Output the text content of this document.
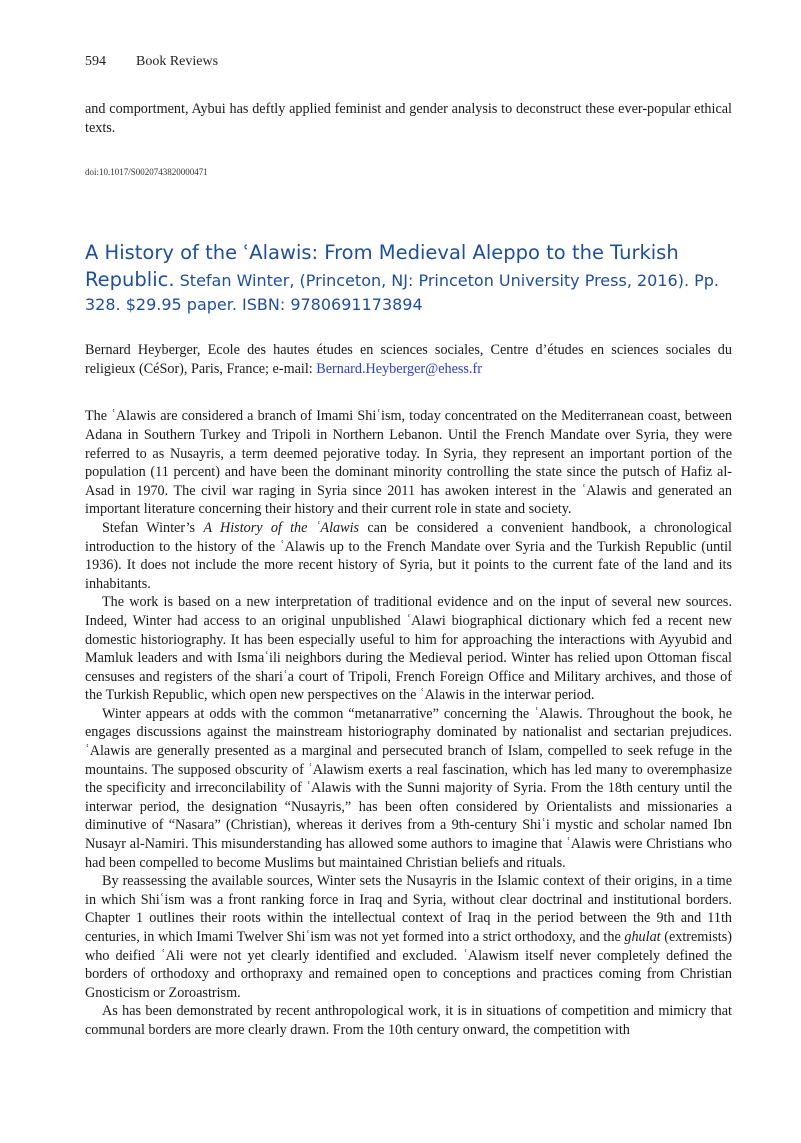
594 Book Reviews

and comportment, Aybui has deftly applied feminist and gender analysis to deconstruct these ever-popular ethical texts.

doi:10.1017/S0020743820000471
A History of the ʿAlawis: From Medieval Aleppo to the Turkish Republic. Stefan Winter, (Princeton, NJ: Princeton University Press, 2016). Pp. 328. $29.95 paper. ISBN: 9780691173894

Bernard Heyberger, Ecole des hautes études en sciences sociales, Centre d’études en sciences sociales du religieux (CéSor), Paris, France; e-mail: Bernard.Heyberger@ehess.fr

The ʿAlawis are considered a branch of Imami Shiʿism, today concentrated on the Mediterranean coast, between Adana in Southern Turkey and Tripoli in Northern Lebanon. Until the French Mandate over Syria, they were referred to as Nusayris, a term deemed pejorative today. In Syria, they represent an important portion of the population (11 percent) and have been the dominant minority controlling the state since the putsch of Hafiz al-Asad in 1970. The civil war raging in Syria since 2011 has awoken interest in the ʿAlawis and generated an important literature concerning their history and their current role in state and society.

Stefan Winter’s A History of the ʿAlawis can be considered a convenient handbook, a chronological introduction to the history of the ʿAlawis up to the French Mandate over Syria and the Turkish Republic (until 1936). It does not include the more recent history of Syria, but it points to the current fate of the land and its inhabitants.

The work is based on a new interpretation of traditional evidence and on the input of several new sources. Indeed, Winter had access to an original unpublished ʿAlawi biographical dictionary which fed a recent new domestic historiography. It has been especially useful to him for approaching the interactions with Ayyubid and Mamluk leaders and with Ismaʿili neighbors during the Medieval period. Winter has relied upon Ottoman fiscal censuses and registers of the shariʿa court of Tripoli, French Foreign Office and Military archives, and those of the Turkish Republic, which open new perspectives on the ʿAlawis in the interwar period.

Winter appears at odds with the common “metanarrative” concerning the ʿAlawis. Throughout the book, he engages discussions against the mainstream historiography dominated by nationalist and sectarian prejudices. ʿAlawis are generally presented as a marginal and persecuted branch of Islam, compelled to seek refuge in the mountains. The supposed obscurity of ʿAlawism exerts a real fascination, which has led many to overemphasize the specificity and irreconcilability of ʿAlawis with the Sunni majority of Syria. From the 18th century until the interwar period, the designation “Nusayris,” has been often considered by Orientalists and missionaries a diminutive of “Nasara” (Christian), whereas it derives from a 9th-century Shiʿi mystic and scholar named Ibn Nusayr al-Namiri. This misunderstanding has allowed some authors to imagine that ʿAlawis were Christians who had been compelled to become Muslims but maintained Christian beliefs and rituals.

By reassessing the available sources, Winter sets the Nusayris in the Islamic context of their origins, in a time in which Shiʿism was a front ranking force in Iraq and Syria, without clear doctrinal and institutional borders. Chapter 1 outlines their roots within the intellectual context of Iraq in the period between the 9th and 11th centuries, in which Imami Twelver Shiʿism was not yet formed into a strict orthodoxy, and the ghulat (extremists) who deified ʿAli were not yet clearly identified and excluded. ʿAlawism itself never completely defined the borders of orthodoxy and orthopraxy and remained open to conceptions and practices coming from Christian Gnosticism or Zoroastrism.

As has been demonstrated by recent anthropological work, it is in situations of competition and mimicry that communal borders are more clearly drawn. From the 10th century onward, the competition with
